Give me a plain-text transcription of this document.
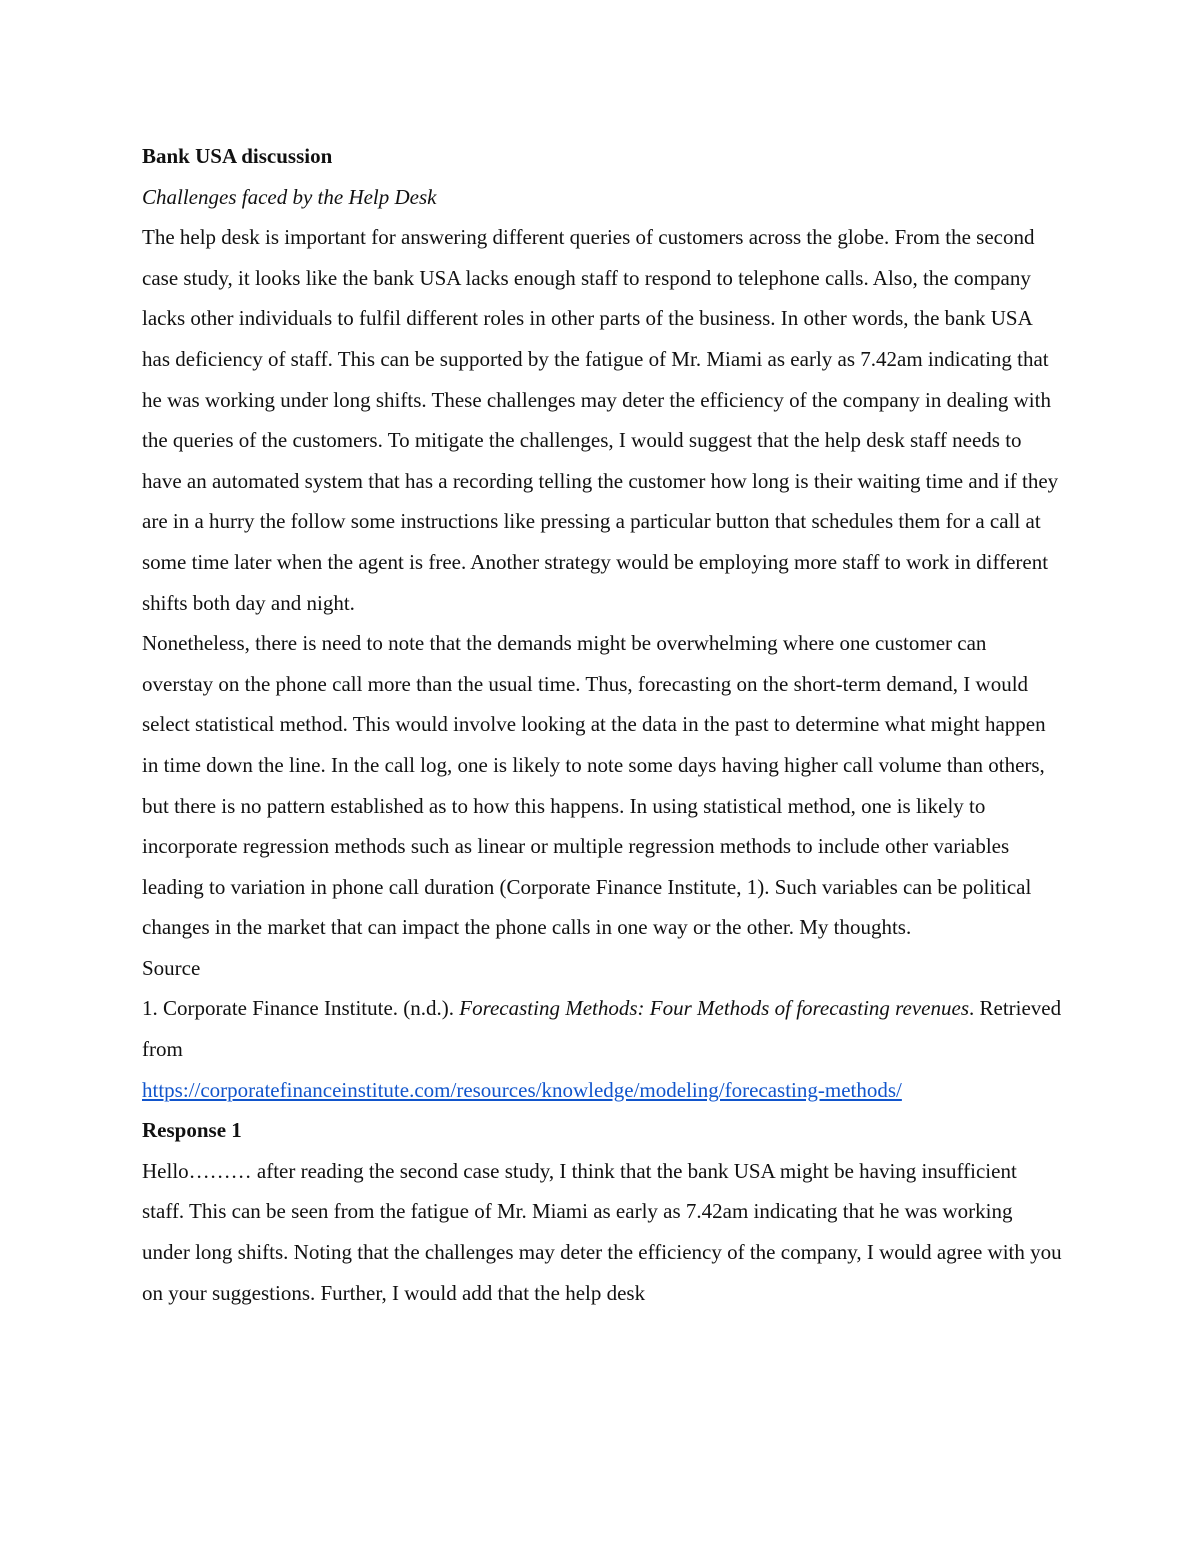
Bank USA discussion

Challenges faced by the Help Desk

The help desk is important for answering different queries of customers across the globe. From the second case study, it looks like the bank USA lacks enough staff to respond to telephone calls. Also, the company lacks other individuals to fulfil different roles in other parts of the business. In other words, the bank USA has deficiency of staff. This can be supported by the fatigue of Mr. Miami as early as 7.42am indicating that he was working under long shifts. These challenges may deter the efficiency of the company in dealing with the queries of the customers. To mitigate the challenges, I would suggest that the help desk staff needs to have an automated system that has a recording telling the customer how long is their waiting time and if they are in a hurry the follow some instructions like pressing a particular button that schedules them for a call at some time later when the agent is free. Another strategy would be employing more staff to work in different shifts both day and night.

Nonetheless, there is need to note that the demands might be overwhelming where one customer can overstay on the phone call more than the usual time. Thus, forecasting on the short-term demand, I would select statistical method. This would involve looking at the data in the past to determine what might happen in time down the line. In the call log, one is likely to note some days having higher call volume than others, but there is no pattern established as to how this happens. In using statistical method, one is likely to incorporate regression methods such as linear or multiple regression methods to include other variables leading to variation in phone call duration (Corporate Finance Institute, 1). Such variables can be political changes in the market that can impact the phone calls in one way or the other. My thoughts.

Source

1. Corporate Finance Institute. (n.d.). Forecasting Methods: Four Methods of forecasting revenues. Retrieved from
https://corporatefinanceinstitute.com/resources/knowledge/modeling/forecasting-methods/

Response 1

Hello……… after reading the second case study, I think that the bank USA might be having insufficient staff. This can be seen from the fatigue of Mr. Miami as early as 7.42am indicating that he was working under long shifts. Noting that the challenges may deter the efficiency of the company, I would agree with you on your suggestions. Further, I would add that the help desk
